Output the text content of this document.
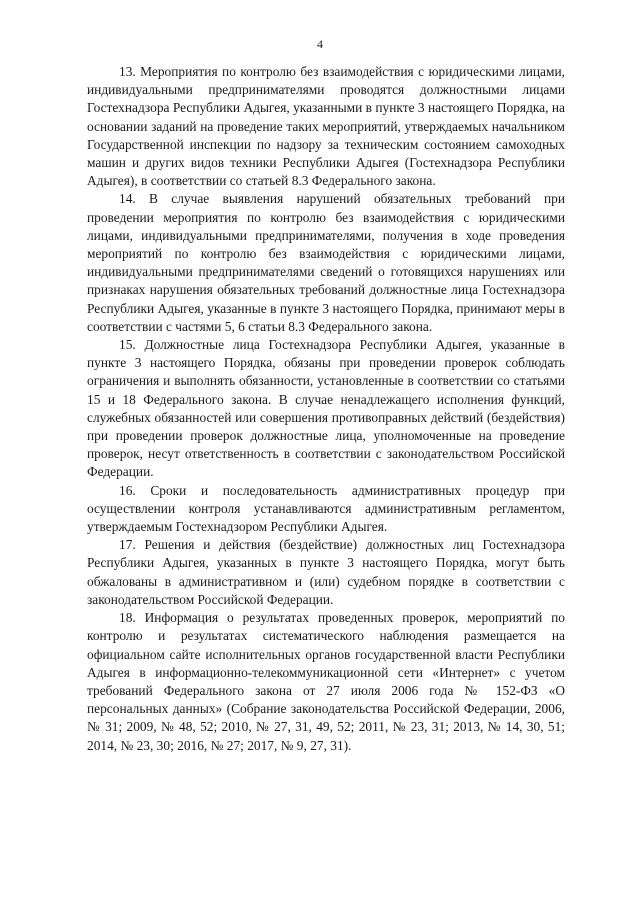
4

13. Мероприятия по контролю без взаимодействия с юридическими лицами, индивидуальными предпринимателями проводятся должностными лицами Гостехнадзора Республики Адыгея, указанными в пункте 3 настоящего Порядка, на основании заданий на проведение таких мероприятий, утверждаемых начальником Государственной инспекции по надзору за техническим состоянием самоходных машин и других видов техники Республики Адыгея (Гостехнадзора Республики Адыгея), в соответствии со статьей 8.3 Федерального закона.

14. В случае выявления нарушений обязательных требований при проведении мероприятия по контролю без взаимодействия с юридическими лицами, индивидуальными предпринимателями, получения в ходе проведения мероприятий по контролю без взаимодействия с юридическими лицами, индивидуальными предпринимателями сведений о готовящихся нарушениях или признаках нарушения обязательных требований должностные лица Гостехнадзора Республики Адыгея, указанные в пункте 3 настоящего Порядка, принимают меры в соответствии с частями 5, 6 статьи 8.3 Федерального закона.

15. Должностные лица Гостехнадзора Республики Адыгея, указанные в пункте 3 настоящего Порядка, обязаны при проведении проверок соблюдать ограничения и выполнять обязанности, установленные в соответствии со статьями 15 и 18 Федерального закона. В случае ненадлежащего исполнения функций, служебных обязанностей или совершения противоправных действий (бездействия) при проведении проверок должностные лица, уполномоченные на проведение проверок, несут ответственность в соответствии с законодательством Российской Федерации.

16. Сроки и последовательность административных процедур при осуществлении контроля устанавливаются административным регламентом, утверждаемым Гостехнадзором Республики Адыгея.

17. Решения и действия (бездействие) должностных лиц Гостехнадзора Республики Адыгея, указанных в пункте 3 настоящего Порядка, могут быть обжалованы в административном и (или) судебном порядке в соответствии с законодательством Российской Федерации.

18. Информация о результатах проведенных проверок, мероприятий по контролю и результатах систематического наблюдения размещается на официальном сайте исполнительных органов государственной власти Республики Адыгея в информационно-телекоммуникационной сети «Интернет» с учетом требований Федерального закона от 27 июля 2006 года № 152-ФЗ «О персональных данных» (Собрание законодательства Российской Федерации, 2006, № 31; 2009, № 48, 52; 2010, № 27, 31, 49, 52; 2011, № 23, 31; 2013, № 14, 30, 51; 2014, № 23, 30; 2016, № 27; 2017, № 9, 27, 31).
